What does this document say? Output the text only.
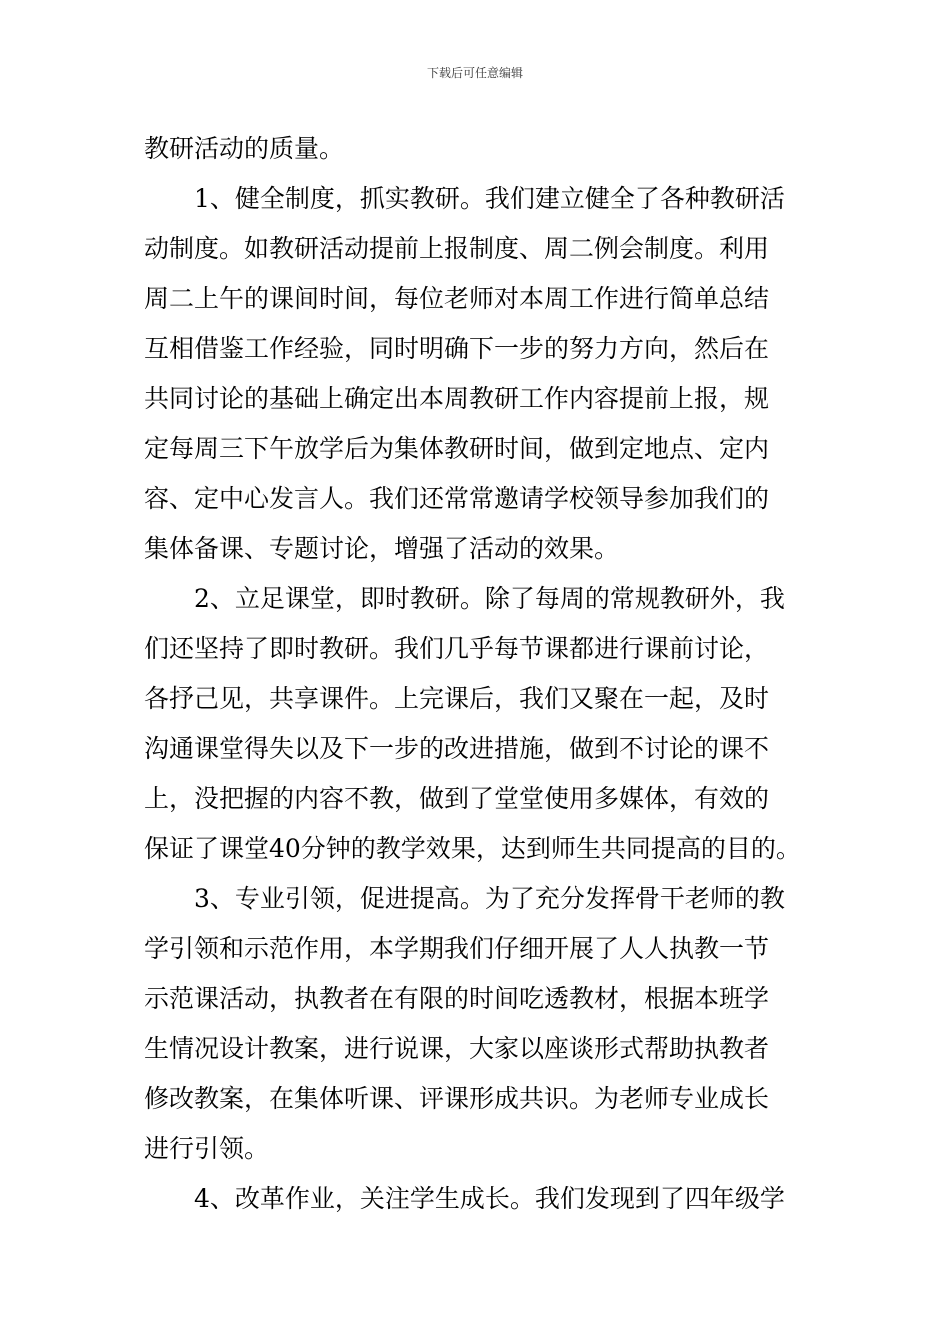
下载后可任意编辑
教研活动的质量。
1、健全制度，抓实教研。我们建立健全了各种教研活
动制度。如教研活动提前上报制度、周二例会制度。利用
周二上午的课间时间，每位老师对本周工作进行简单总结
互相借鉴工作经验，同时明确下一步的努力方向，然后在
共同讨论的基础上确定出本周教研工作内容提前上报，规
定每周三下午放学后为集体教研时间，做到定地点、定内
容、定中心发言人。我们还常常邀请学校领导参加我们的
集体备课、专题讨论，增强了活动的效果。
2、立足课堂，即时教研。除了每周的常规教研外，我
们还坚持了即时教研。我们几乎每节课都进行课前讨论，
各抒己见，共享课件。上完课后，我们又聚在一起，及时
沟通课堂得失以及下一步的改进措施，做到不讨论的课不
上，没把握的内容不教，做到了堂堂使用多媒体，有效的
保证了课堂40分钟的教学效果，达到师生共同提高的目的。
3、专业引领，促进提高。为了充分发挥骨干老师的教
学引领和示范作用，本学期我们仔细开展了人人执教一节
示范课活动，执教者在有限的时间吃透教材，根据本班学
生情况设计教案，进行说课，大家以座谈形式帮助执教者
修改教案，在集体听课、评课形成共识。为老师专业成长
进行引领。
4、改革作业，关注学生成长。我们发现到了四年级学
